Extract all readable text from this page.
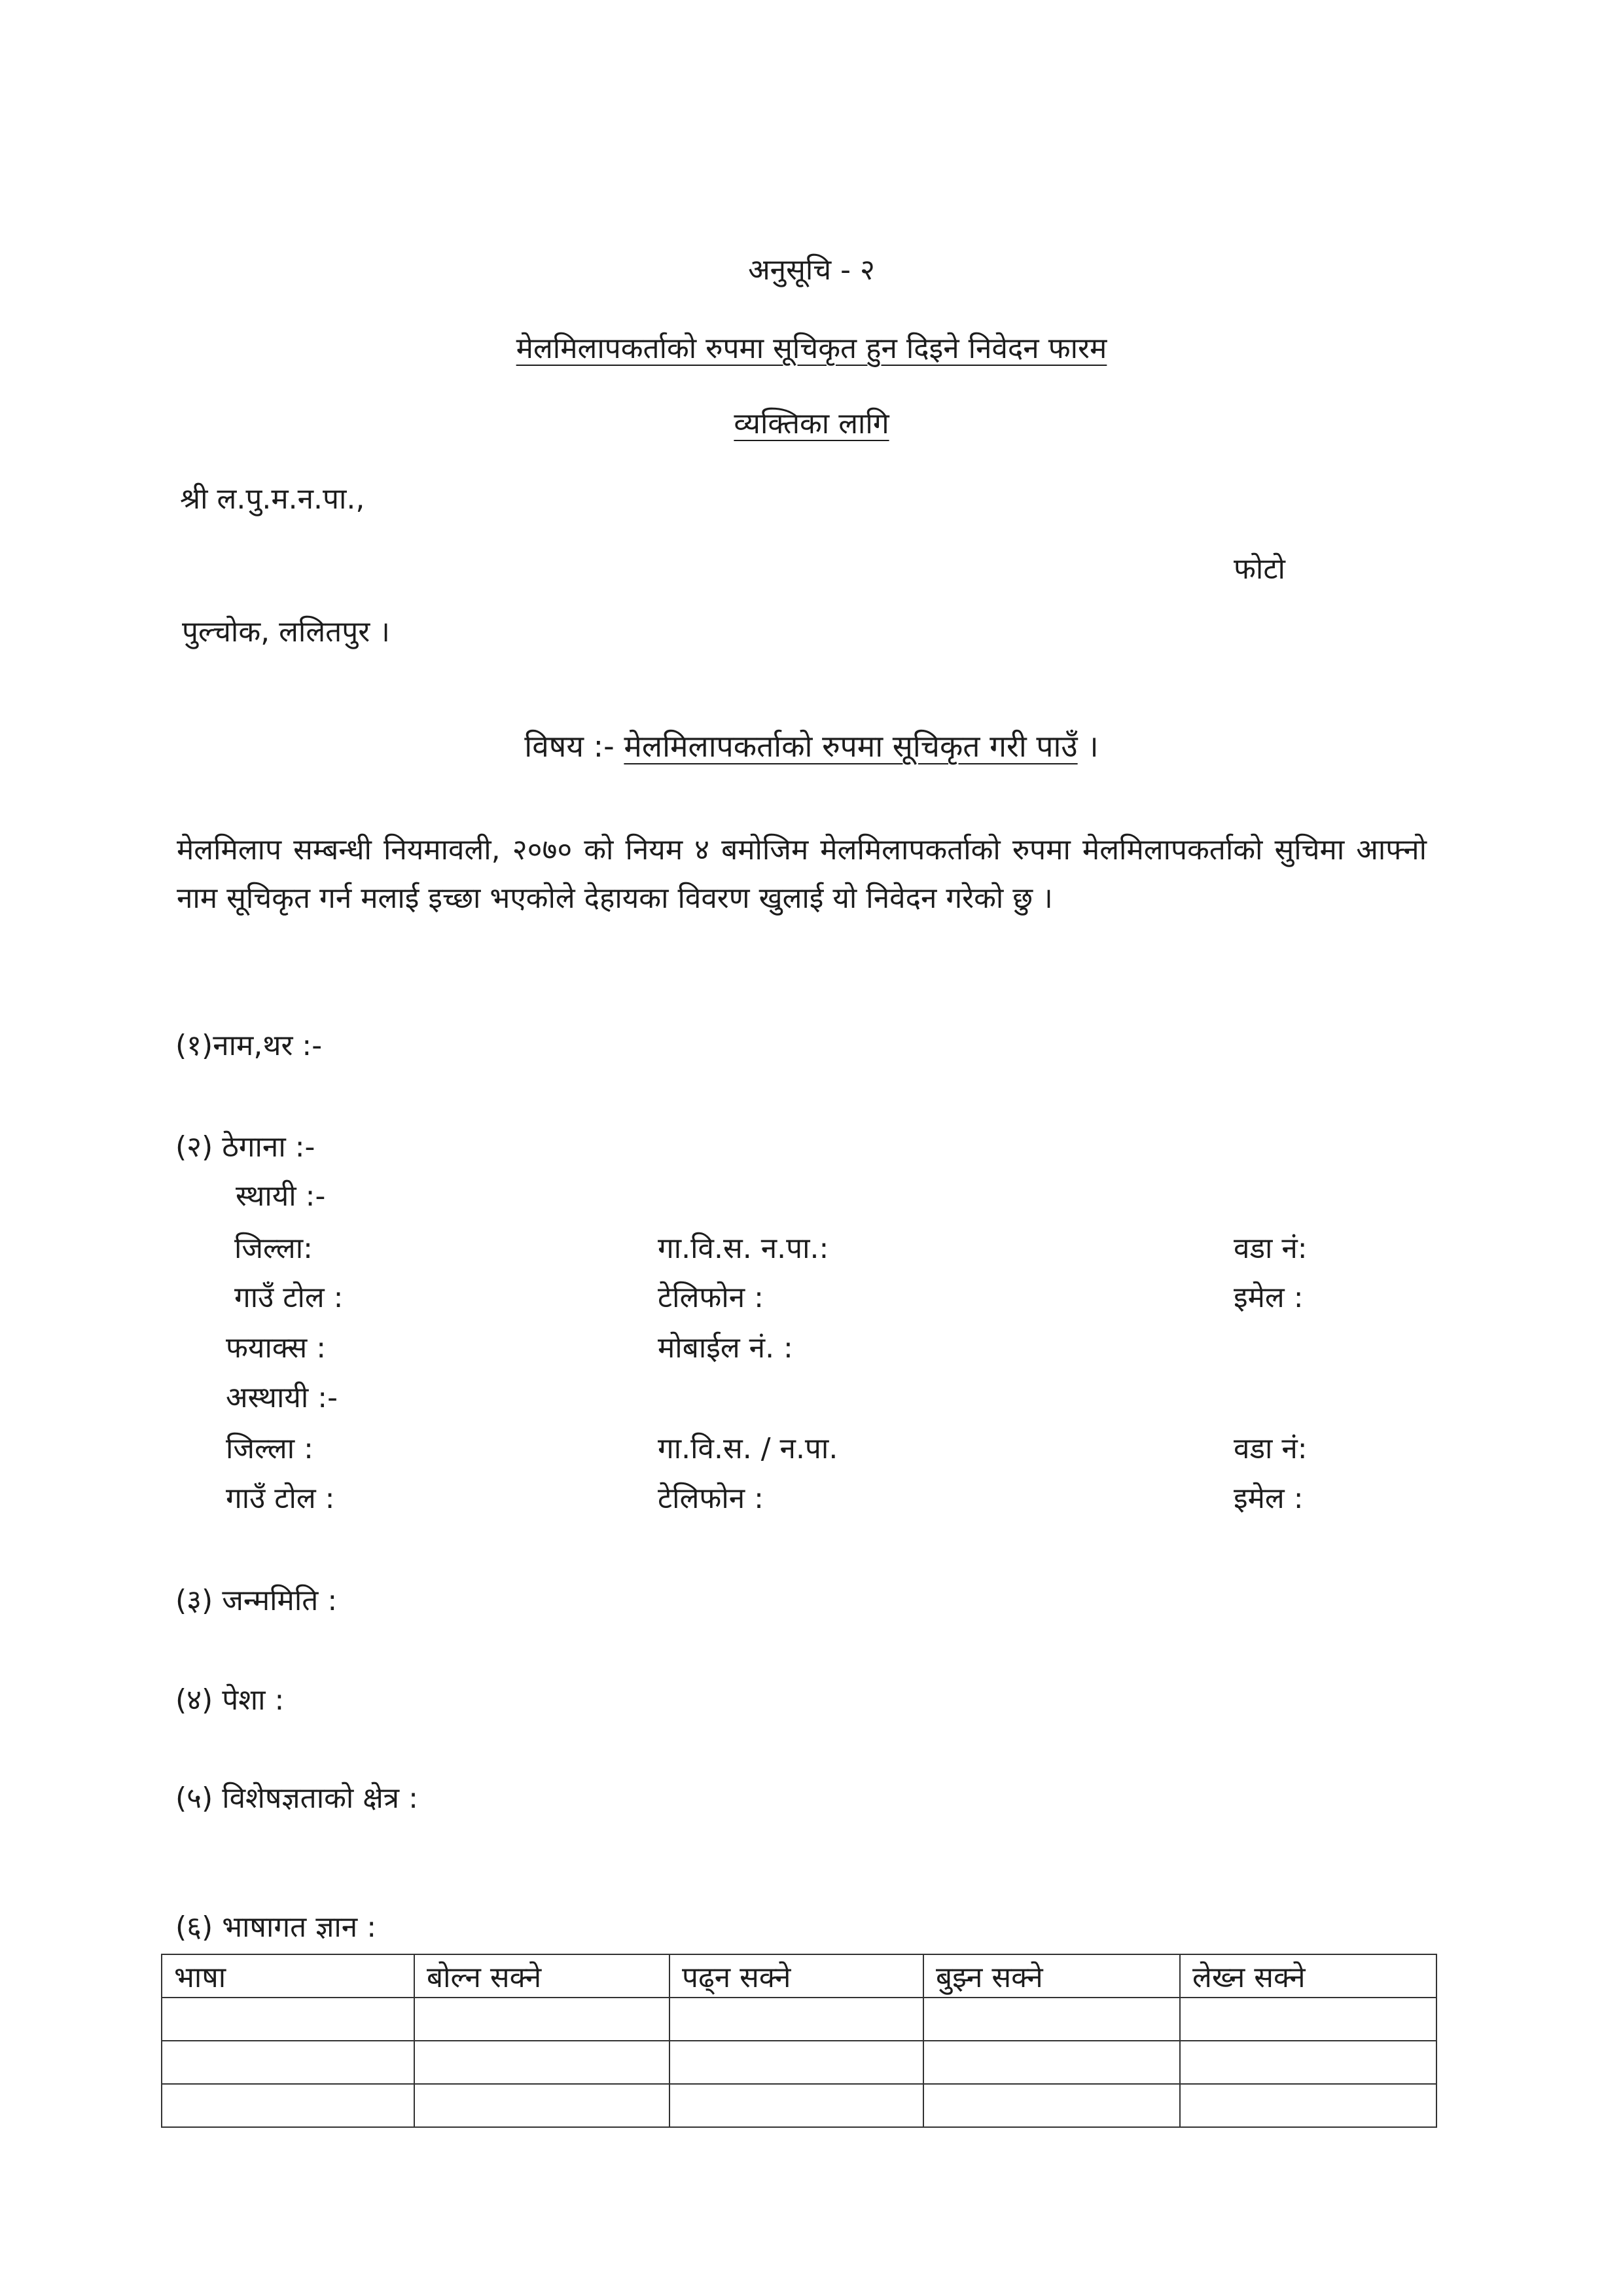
अनुसूचि - २
मेलमिलापकर्ताको रुपमा सूचिकृत हुन दिइने निवेदन फारम
व्यक्तिका लागि
श्री ल.पु.म.न.पा.,
फोटो
पुल्चोक, ललितपुर ।
विषय :- मेलमिलापकर्ताको रुपमा सूचिकृत गरी पाउँ ।
मेलमिलाप सम्बन्धी नियमावली, २०७० को नियम ४ बमोजिम मेलमिलापकर्ताको रुपमा मेलमिलापकर्ताको सुचिमा आफ्नो नाम सूचिकृत गर्न मलाई इच्छा भएकोले देहायका विवरण खुलाई यो निवेदन गरेको छु ।
(१)नाम,थर :-
(२) ठेगाना :-
स्थायी :-
जिल्ला:	गा.वि.स. न.पा.:	वडा नं:
गाउँ टोल :	टेलिफोन :	इमेल :
फयाक्स :	मोबाईल नं. :
अस्थायी :-
जिल्ला :	गा.वि.स. / न.पा.	वडा नं:
गाउँ टोल :	टेलिफोन :	इमेल :
(३) जन्ममिति :
(४) पेशा :
(५) विशेषज्ञताको क्षेत्र :
(६) भाषागत ज्ञान :
भाषा	बोल्न सक्ने	पढ्न सक्ने	बुझ्न सक्ने	लेख्न सक्ने
